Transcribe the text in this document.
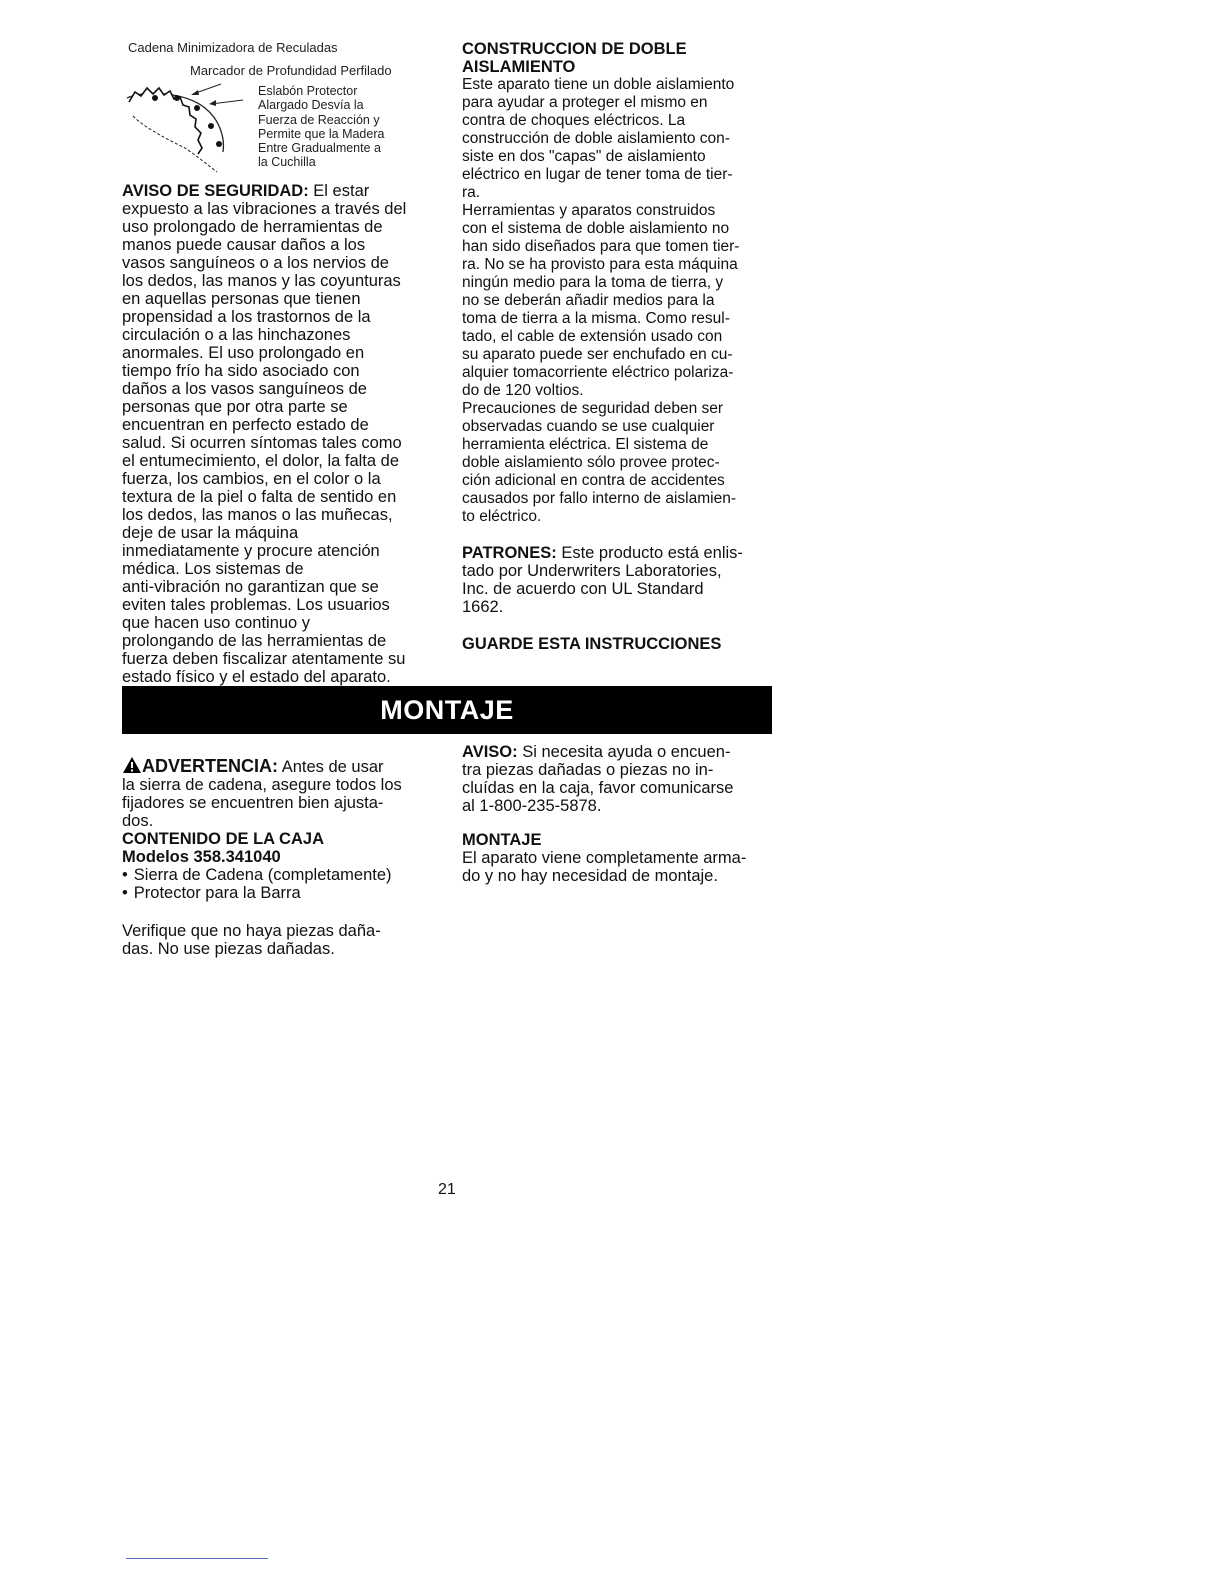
Cadena Minimizadora de Reculadas
Marcador de Profundidad Perfilado
Eslabón Protector
Alargado Desvía la
Fuerza de Reacción y
Permite que la Madera
Entre Gradualmente a
la Cuchilla

AVISO DE SEGURIDAD: El estar

expuesto a las vibraciones a través del

uso prolongado de herramientas de

manos puede causar daños a los

vasos sanguíneos o a los nervios de

los dedos, las manos y las coyunturas

en aquellas personas que tienen

propensidad a los trastornos de la

circulación o a las hinchazones

anormales. El uso prolongado en

tiempo frío ha sido asociado con

daños a los vasos sanguíneos de

personas que por otra parte se

encuentran en perfecto estado de

salud. Si ocurren síntomas tales como

el entumecimiento, el dolor, la falta de

fuerza, los cambios, en el color o la

textura de la piel o falta de sentido en

los dedos, las manos o las muñecas,

deje de usar la máquina

inmediatamente y procure atención

médica. Los sistemas de

anti-vibración no garantizan que se

eviten tales problemas. Los usuarios

que hacen uso continuo y

prolongando de las herramientas de

fuerza deben fiscalizar atentamente su

estado físico y el estado del aparato.

CONSTRUCCION DE DOBLE
AISLAMIENTO

Este aparato tiene un doble aislamiento

para ayudar a proteger el mismo en

contra de choques eléctricos. La

construcción de doble aislamiento con-

siste en dos "capas" de aislamiento

eléctrico en lugar de tener toma de tier-

ra.

Herramientas y aparatos construidos

con el sistema de doble aislamiento no

han sido diseñados para que tomen tier-

ra. No se ha provisto para esta máquina

ningún medio para la toma de tierra, y

no se deberán añadir medios para la

toma de tierra a la misma. Como resul-

tado, el cable de extensión usado con

su aparato puede ser enchufado en cu-

alquier tomacorriente eléctrico polariza-

do de 120 voltios.

Precauciones de seguridad deben ser

observadas cuando se use cualquier

herramienta eléctrica. El sistema de

doble aislamiento sólo provee protec-

ción adicional en contra de accidentes

causados por fallo interno de aislamien-

to eléctrico.

PATRONES: Este producto está enlis-

tado por Underwriters Laboratories,

Inc. de acuerdo con UL Standard

1662.

GUARDE ESTA INSTRUCCIONES
MONTAJE

ADVERTENCIA: Antes de usar

la sierra de cadena, asegure todos los

fijadores se encuentren bien ajusta-

dos.

CONTENIDO DE LA CAJA
Modelos 358.341040
• Sierra de Cadena (completamente)
• Protector para la Barra

Verifique que no haya piezas daña-

das. No use piezas dañadas.

AVISO: Si necesita ayuda o encuen-

tra piezas dañadas o piezas no in-

cluídas en la caja, favor comunicarse

al 1-800-235-5878.

MONTAJE

El aparato viene completamente arma-

do y no hay necesidad de montaje.

21
